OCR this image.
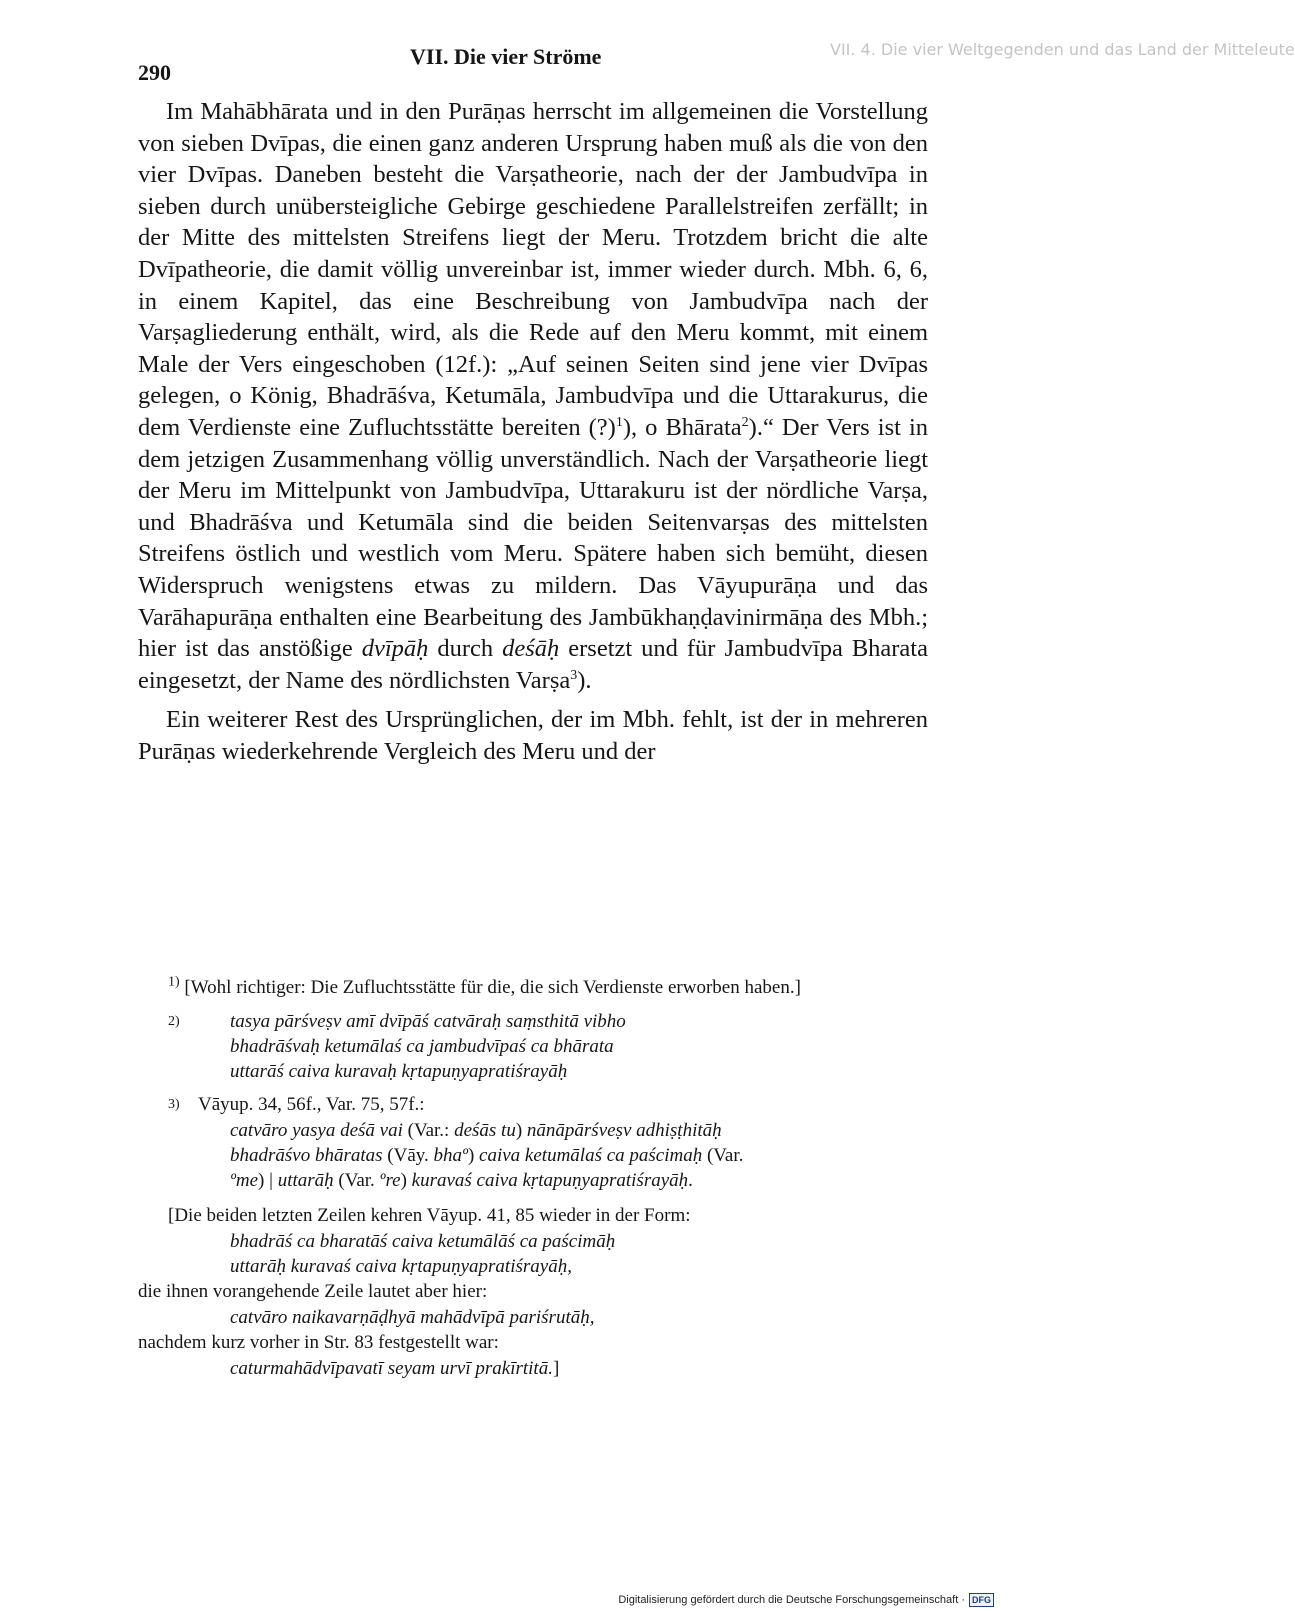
VII. 4. Die vier Weltgegenden und das Land der Mitteleute
290
VII. Die vier Ströme

Im Mahābhārata und in den Purāṇas herrscht im allgemeinen die Vorstellung von sieben Dvīpas, die einen ganz anderen Ursprung haben muß als die von den vier Dvīpas. Daneben besteht die Varṣatheorie, nach der der Jambudvīpa in sieben durch unübersteigliche Gebirge geschiedene Parallelstreifen zerfällt; in der Mitte des mittelsten Streifens liegt der Meru. Trotzdem bricht die alte Dvīpatheorie, die damit völlig unvereinbar ist, immer wieder durch. Mbh. 6, 6, in einem Kapitel, das eine Beschreibung von Jambudvīpa nach der Varṣagliederung enthält, wird, als die Rede auf den Meru kommt, mit einem Male der Vers eingeschoben (12f.): „Auf seinen Seiten sind jene vier Dvīpas gelegen, o König, Bhadrāśva, Ketumāla, Jambudvīpa und die Uttarakurus, die dem Verdienste eine Zufluchtsstätte bereiten (?)$^1$), o Bhārata$^2$).“ Der Vers ist in dem jetzigen Zusammenhang völlig unverständlich. Nach der Varṣatheorie liegt der Meru im Mittelpunkt von Jambudvīpa, Uttarakuru ist der nördliche Varṣa, und Bhadrāśva und Ketumāla sind die beiden Seitenvarṣas des mittelsten Streifens östlich und westlich vom Meru. Spätere haben sich bemüht, diesen Widerspruch wenigstens etwas zu mildern. Das Vāyupurāṇa und das Varāhapurāṇa enthalten eine Bearbeitung des Jambūkhaṇḍavinirmāṇa des Mbh.; hier ist das anstößige dvīpāḥ durch deśāḥ ersetzt und für Jambudvīpa Bharata eingesetzt, der Name des nördlichsten Varṣa$^3$).

Ein weiterer Rest des Ursprünglichen, der im Mbh. fehlt, ist der in mehreren Purāṇas wiederkehrende Vergleich des Meru und der

$^{1)}$ [Wohl richtiger: Die Zufluchtsstätte für die, die sich Verdienste erworben haben.]
2)	tasya pārśveṣv amī dvīpāś catvāraḥ saṃsthitā vibho
bhadrāśvaḥ ketumālaś ca jambudvīpaś ca bhārata
uttarāś caiva kuravaḥ kṛtapuṇyapratiśrayāḥ
3) Vāyup. 34, 56f., Var. 75, 57f.:
catvāro yasya deśā vai (Var.: deśās tu) nānāpārśveṣv adhiṣṭhitāḥ
bhadrāśvo bhāratas (Vāy. bhaº) caiva ketumālaś ca paścimaḥ (Var.
ºme) | uttarāḥ (Var. ºre) kuravaś caiva kṛtapuṇyapratiśrayāḥ.
[Die beiden letzten Zeilen kehren Vāyup. 41, 85 wieder in der Form:
bhadrāś ca bharatāś caiva ketumālāś ca paścimāḥ
uttarāḥ kuravaś caiva kṛtapuṇyapratiśrayāḥ,
die ihnen vorangehende Zeile lautet aber hier:
catvāro naikavarṇāḍhyā mahādvīpā pariśrutāḥ,
nachdem kurz vorher in Str. 83 festgestellt war:
caturmahādvīpavatī seyam urvī prakīrtitā.]
Digitalisierung gefördert durch die Deutsche Forschungsgemeinschaft · DFG
